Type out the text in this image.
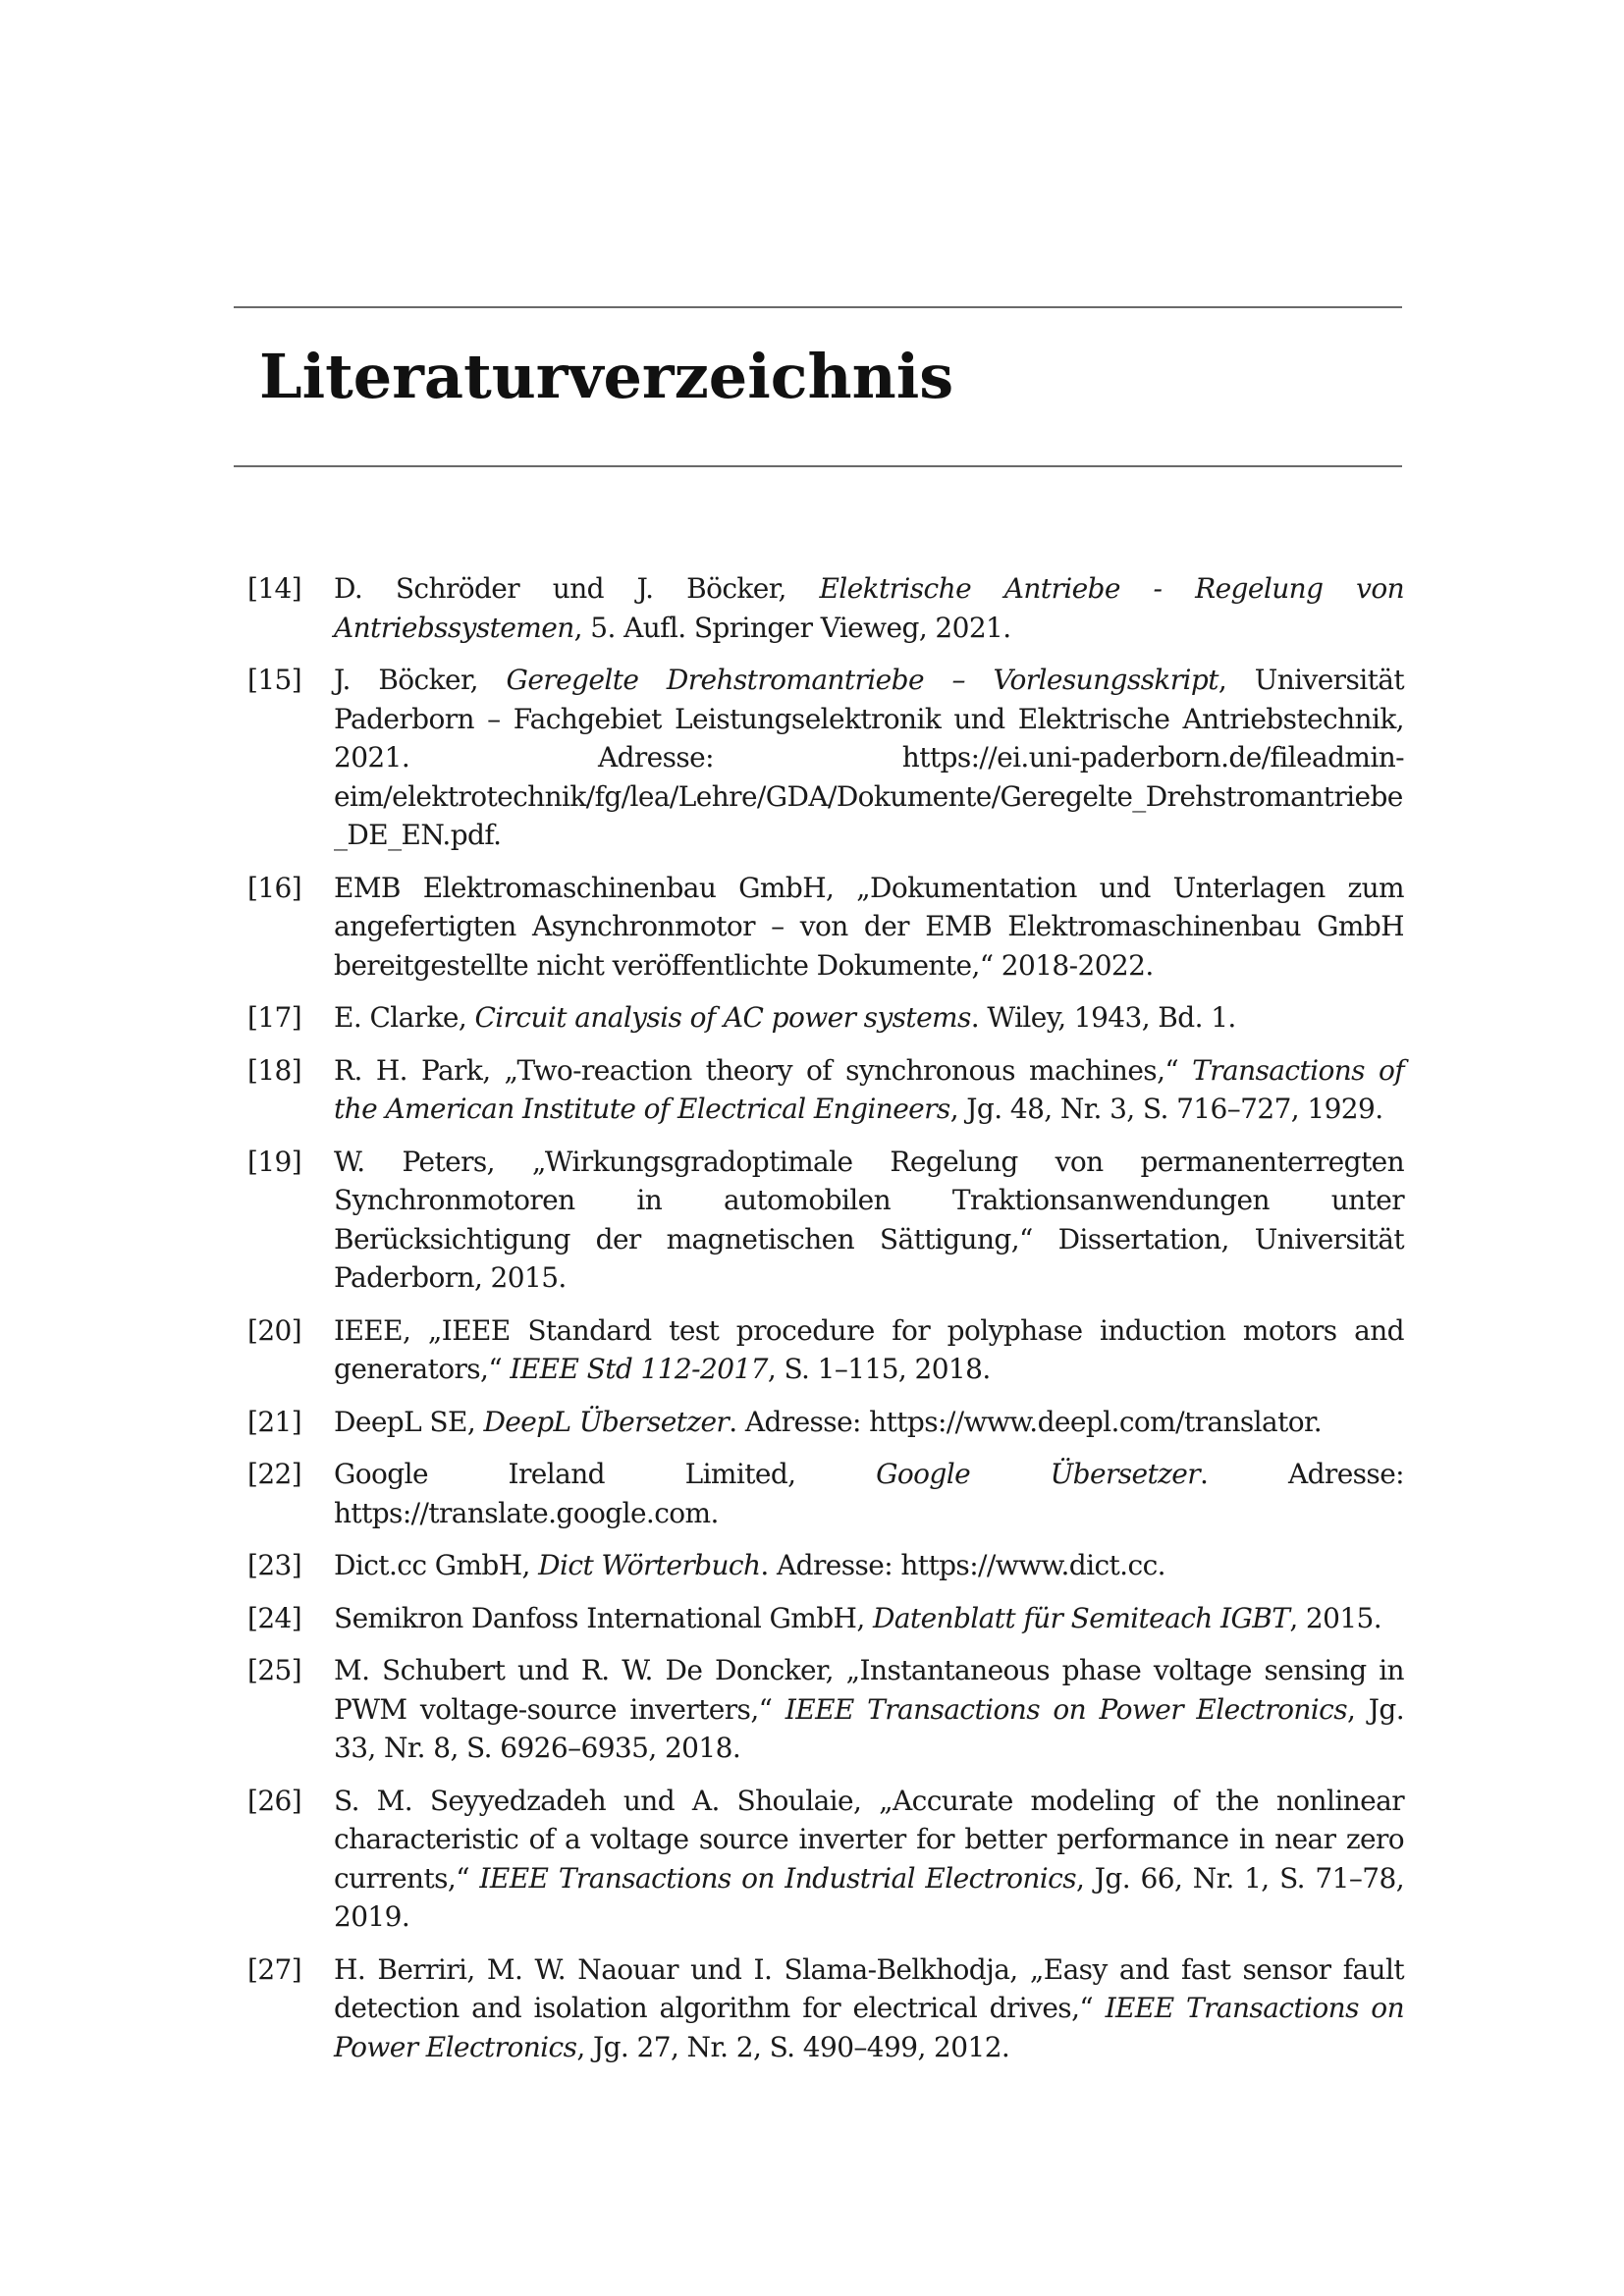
Literaturverzeichnis
[14]	D. Schröder und J. Böcker, Elektrische Antriebe - Regelung von Antriebssystemen, 5. Aufl. Springer Vieweg, 2021.
[15]	J. Böcker, Geregelte Drehstromantriebe – Vorlesungsskript, Universität Paderborn – Fachgebiet Leistungselektronik und Elektrische Antriebstechnik, 2021. Adresse: https://ei.uni-paderborn.de/fileadmin-eim/elektrotechnik/fg/lea/Lehre/GDA/Dokumente/Geregelte_Drehstromantriebe_DE_EN.pdf.
[16]	EMB Elektromaschinenbau GmbH, „Dokumentation und Unterlagen zum angefertigten Asynchronmotor – von der EMB Elektromaschinenbau GmbH bereitgestellte nicht veröffentlichte Dokumente,“ 2018-2022.
[17]	E. Clarke, Circuit analysis of AC power systems. Wiley, 1943, Bd. 1.
[18]	R. H. Park, „Two-reaction theory of synchronous machines,“ Transactions of the American Institute of Electrical Engineers, Jg. 48, Nr. 3, S. 716–727, 1929.
[19]	W. Peters, „Wirkungsgradoptimale Regelung von permanenterregten Synchronmotoren in automobilen Traktionsanwendungen unter Berücksichtigung der magnetischen Sättigung,“ Dissertation, Universität Paderborn, 2015.
[20]	IEEE, „IEEE Standard test procedure for polyphase induction motors and generators,“ IEEE Std 112-2017, S. 1–115, 2018.
[21]	DeepL SE, DeepL Übersetzer. Adresse: https://www.deepl.com/translator.
[22]	Google Ireland Limited, Google Übersetzer. Adresse: https://translate.google.com.
[23]	Dict.cc GmbH, Dict Wörterbuch. Adresse: https://www.dict.cc.
[24]	Semikron Danfoss International GmbH, Datenblatt für Semiteach IGBT, 2015.
[25]	M. Schubert und R. W. De Doncker, „Instantaneous phase voltage sensing in PWM voltage-source inverters,“ IEEE Transactions on Power Electronics, Jg. 33, Nr. 8, S. 6926–6935, 2018.
[26]	S. M. Seyyedzadeh und A. Shoulaie, „Accurate modeling of the nonlinear characteristic of a voltage source inverter for better performance in near zero currents,“ IEEE Transactions on Industrial Electronics, Jg. 66, Nr. 1, S. 71–78, 2019.
[27]	H. Berriri, M. W. Naouar und I. Slama-Belkhodja, „Easy and fast sensor fault detection and isolation algorithm for electrical drives,“ IEEE Transactions on Power Electronics, Jg. 27, Nr. 2, S. 490–499, 2012.
